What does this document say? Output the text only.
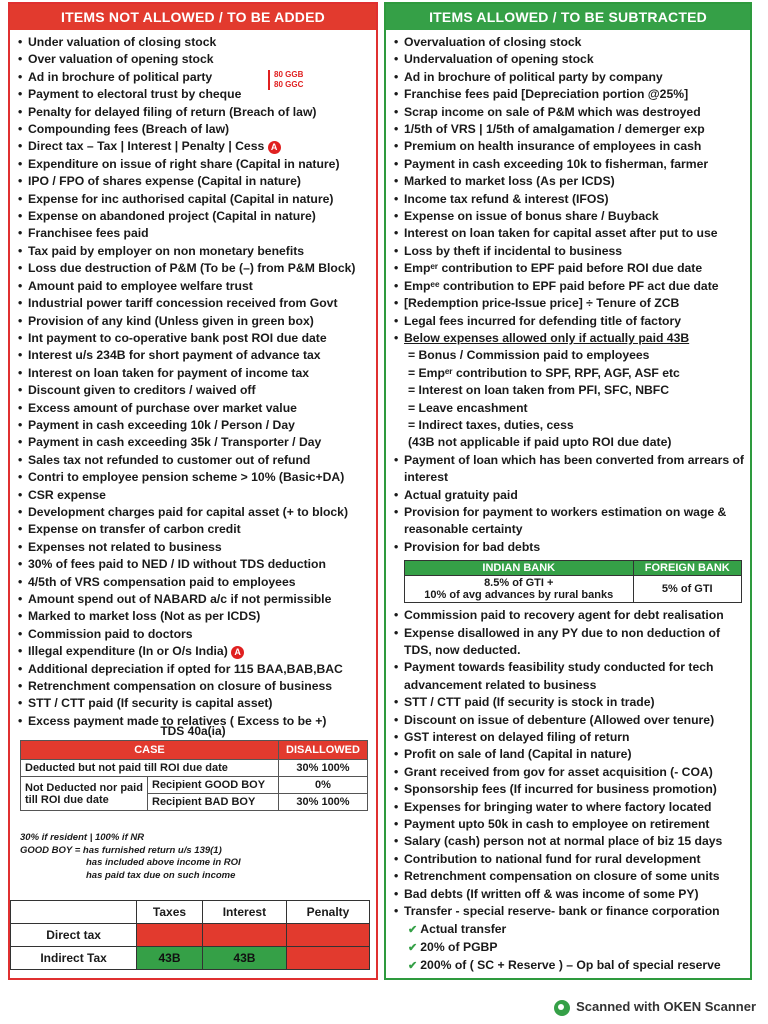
ITEMS NOT ALLOWED / TO BE ADDED
• Under valuation of closing stock
• Over valuation of opening stock
• Ad in brochure of political party
• Payment to electoral trust by cheque
• Penalty for delayed filing of return (Breach of law)
• Compounding fees (Breach of law)
• Direct tax – Tax | Interest | Penalty | Cess A
• Expenditure on issue of right share (Capital in nature)
• IPO / FPO of shares expense (Capital in nature)
• Expense for inc authorised capital (Capital in nature)
• Expense on abandoned project (Capital in nature)
• Franchisee fees paid
• Tax paid by employer on non monetary benefits
• Loss due destruction of P&M (To be (–) from P&M Block)
• Amount paid to employee welfare trust
• Industrial power tariff concession received from Govt
• Provision of any kind (Unless given in green box)
• Int payment to co-operative bank post ROI due date
• Interest u/s 234B for short payment of advance tax
• Interest on loan taken for payment of income tax
• Discount given to creditors / waived off
• Excess amount of purchase over market value
• Payment in cash exceeding 10k / Person / Day
• Payment in cash exceeding 35k / Transporter / Day
• Sales tax not refunded to customer out of refund
• Contri to employee pension scheme > 10% (Basic+DA)
• CSR expense
• Development charges paid for capital asset (+ to block)
• Expense on transfer of carbon credit
• Expenses not related to business
• 30% of fees paid to NED / ID without TDS deduction
• 4/5th of VRS compensation paid to employees
• Amount spend out of NABARD a/c if not permissible
• Marked to market loss (Not as per ICDS)
• Commission paid to doctors
• Illegal expenditure (In or O/s India) A
• Additional depreciation if opted for 115 BAA,BAB,BAC
• Retrenchment compensation on closure of business
• STT / CTT paid (If security is capital asset)
• Excess payment made to relatives ( Excess to be +)
80 GGB
80 GGC
TDS 40a(ia)
CASE		DISALLOWED
Deducted but not paid till ROI due date		30% 100%
Not Deducted nor paid till ROI due date	Recipient GOOD BOY	0%
	Recipient BAD BOY	30% 100%
30% if resident | 100% if NR
GOOD BOY = has furnished return u/s 139(1)
has included above income in ROI
has paid tax due on such income
	Taxes	Interest	Penalty
Direct tax			
Indirect Tax	43B	43B	
ITEMS ALLOWED / TO BE SUBTRACTED
• Overvaluation of closing stock
• Undervaluation of opening stock
• Ad in brochure of political party by company
• Franchise fees paid [Depreciation portion @25%]
• Scrap income on sale of P&M which was destroyed
• 1/5th of VRS | 1/5th of amalgamation / demerger exp
• Premium on health insurance of employees in cash
• Payment in cash exceeding 10k to fisherman, farmer
• Marked to market loss (As per ICDS)
• Income tax refund & interest (IFOS)
• Expense on issue of bonus share / Buyback
• Interest on loan taken for capital asset after put to use
• Loss by theft if incidental to business
• Empᵉʳ contribution to EPF paid before ROI due date
• Empᵉᵉ contribution to EPF paid before PF act due date
• [Redemption price-Issue price] ÷ Tenure of ZCB
• Legal fees incurred for defending title of factory
• Below expenses allowed only if actually paid 43B
= Bonus / Commission paid to employees
= Empᵉʳ contribution to SPF, RPF, AGF, ASF etc
= Interest on loan taken from PFI, SFC, NBFC
= Leave encashment
= Indirect taxes, duties, cess
(43B not applicable if paid upto ROI due date)
• Payment of loan which has been converted from arrears of interest
• Actual gratuity paid
• Provision for payment to workers estimation on wage & reasonable certainty
• Provision for bad debts
INDIAN BANK	FOREIGN BANK

8.5% of GTI +
10% of avg advances by rural banks	5% of GTI
• Commission paid to recovery agent for debt realisation
• Expense disallowed in any PY due to non deduction of TDS, now deducted.
• Payment towards feasibility study conducted for tech advancement related to business
• STT / CTT paid (If security is stock in trade)
• Discount on issue of debenture (Allowed over tenure)
• GST interest on delayed filing of return
• Profit on sale of land (Capital in nature)
• Grant received from gov for asset acquisition (- COA)
• Sponsorship fees (If incurred for business promotion)
• Expenses for bringing water to where factory located
• Payment upto 50k in cash to employee on retirement
• Salary (cash) person not at normal place of biz 15 days
• Contribution to national fund for rural development
• Retrenchment compensation on closure of some units
• Bad debts (If written off & was income of some PY)
• Transfer - special reserve- bank or finance corporation
✔ Actual transfer
✔ 20% of PGBP
✔ 200% of ( SC + Reserve ) – Op bal of special reserve
Scanned with OKEN Scanner
